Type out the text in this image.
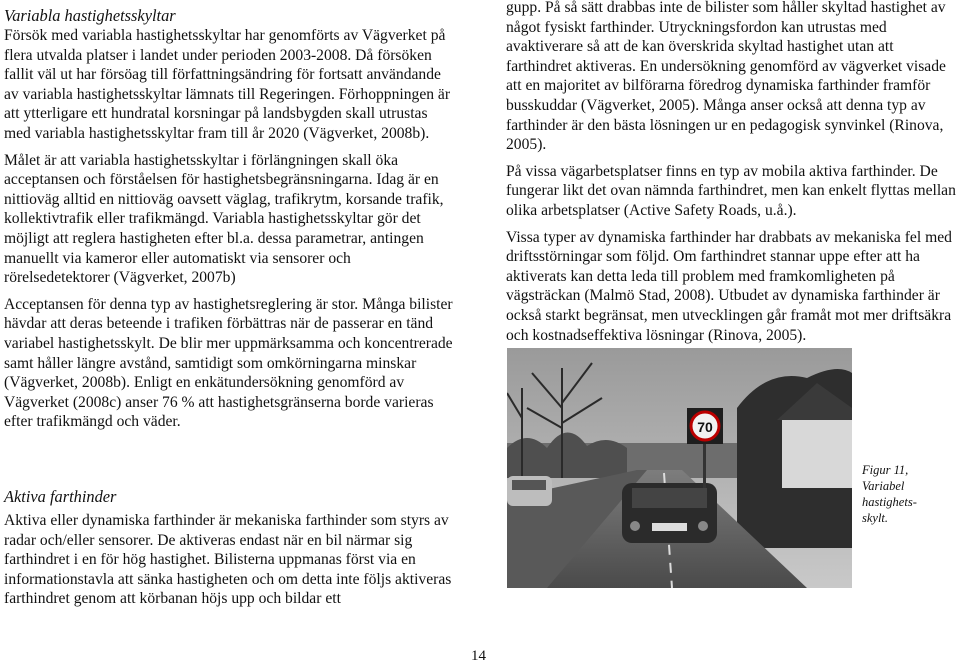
Variabla hastighetsskyltar

Försök med variabla hastighetsskyltar har genomförts av Vägverket på flera utvalda platser i landet under perioden 2003-2008. Då försöken fallit väl ut har försöag till författningsändring för fortsatt användande av variabla hastighetsskyltar lämnats till Regeringen. Förhoppningen är att ytterligare ett hundratal korsningar på landsbygden skall utrustas med variabla hastighetsskyltar fram till år 2020 (Vägverket, 2008b).

Målet är att variabla hastighetsskyltar i förlängningen skall öka acceptansen och förståelsen för hastighetsbegränsningarna. Idag är en nittioväg alltid en nittioväg oavsett väglag, trafikrytm, korsande trafik, kollektivtrafik eller trafikmängd. Variabla hastighetsskyltar gör det möjligt att reglera hastigheten efter bl.a. dessa parametrar, antingen manuellt via kameror eller automatiskt via sensorer och rörelsedetektorer (Vägverket, 2007b)

Acceptansen för denna typ av hastighetsreglering är stor. Många bilister hävdar att deras beteende i trafiken förbättras när de passerar en tänd variabel hastighetsskylt. De blir mer uppmärksamma och koncentrerade samt håller längre avstånd, samtidigt som omkörningarna minskar (Vägverket, 2008b). Enligt en enkätundersökning genomförd av Vägverket (2008c) anser 76 % att hastighetsgränserna borde varieras efter trafikmängd och väder.

Aktiva farthinder

Aktiva eller dynamiska farthinder är mekaniska farthinder som styrs av radar och/eller sensorer. De aktiveras endast när en bil närmar sig farthindret i en för hög hastighet. Bilisterna uppmanas först via en informationstavla att sänka hastigheten och om detta inte följs aktiveras farthindret genom att körbanan höjs upp och bildar ett

gupp. På så sätt drabbas inte de bilister som håller skyltad hastighet av något fysiskt farthinder. Utryckningsfordon kan utrustas med avaktiverare så att de kan överskrida skyltad hastighet utan att farthindret aktiveras. En undersökning genomförd av vägverket visade att en majoritet av bilförarna föredrog dynamiska farthinder framför busskuddar (Vägverket, 2005). Många anser också att denna typ av farthinder är den bästa lösningen ur en pedagogisk synvinkel (Rinova, 2005).

På vissa vägarbetsplatser finns en typ av mobila aktiva farthinder. De fungerar likt det ovan nämnda farthindret, men kan enkelt flyttas mellan olika arbetsplatser (Active Safety Roads, u.å.).

Vissa typer av dynamiska farthinder har drabbats av mekaniska fel med driftsstörningar som följd. Om farthindret stannar uppe efter att ha aktiverats kan detta leda till problem med framkomligheten på vägsträckan (Malmö Stad, 2008). Utbudet av dynamiska farthinder är också starkt begränsat, men utvecklingen går framåt mot mer driftsäkra och kostnadseffektiva lösningar (Rinova, 2005).

70
Figur 11,
Variabel
hastighets-
skylt.
14
